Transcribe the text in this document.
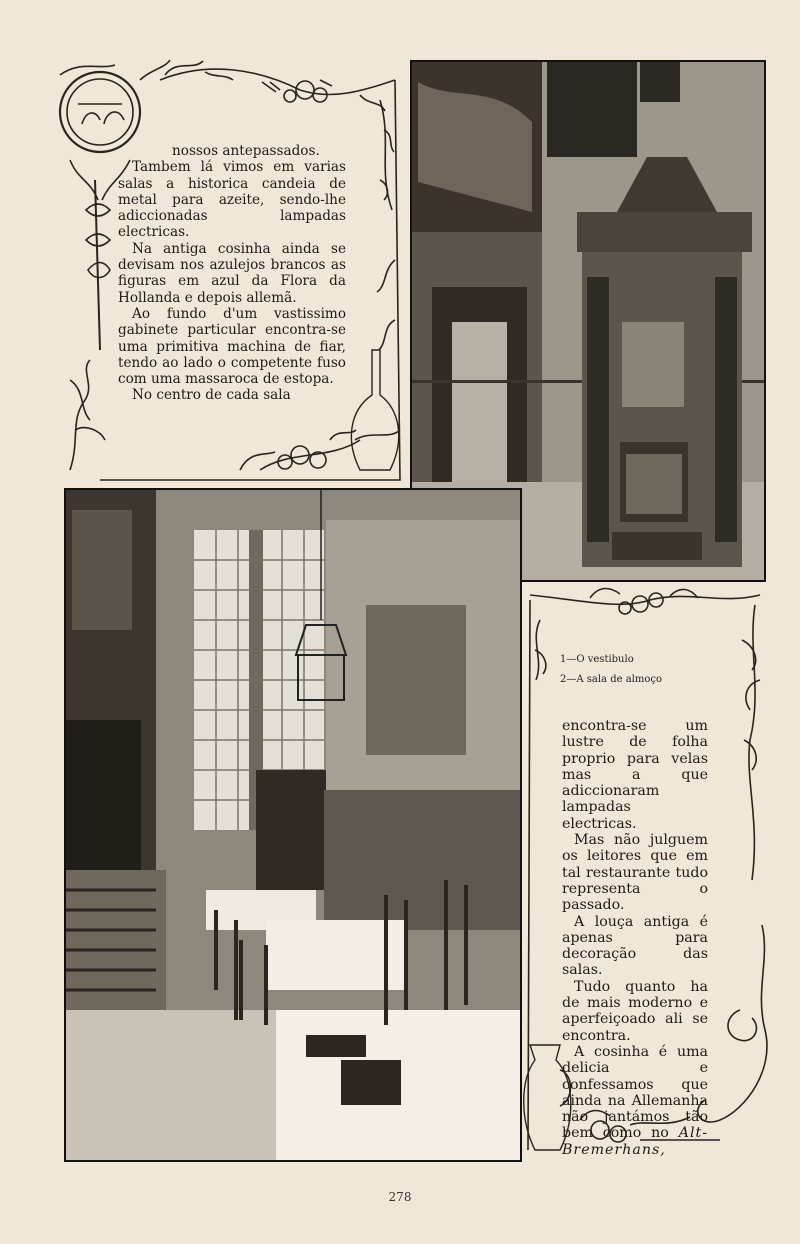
nossos antepassados.

Tambem lá vimos em varias salas a historica candeia de metal para azeite, sendo-lhe adiccionadas lampadas electricas.

Na antiga cosinha ainda se devisam nos azulejos brancos as figuras em azul da Flora da Hollanda e depois allemã.

Ao fundo d'um vastissimo gabinete particular encontra-se uma primitiva machina de fiar, tendo ao lado o competente fuso com uma massaroca de estopa.

No centro de cada sala

1—O vestibulo
2—A sala de almoço

encontra-se um lustre de folha proprio para velas mas a que adiccionaram lampadas electricas.

Mas não julguem os leitores que em tal restaurante tudo representa o passado.

A louça antiga é apenas para decoração das salas.

Tudo quanto ha de mais moderno e aperfeiçoado ali se encontra.

A cosinha é uma delicia e confessamos que ainda na Allemanha não jantámos tão bem como no Alt-Bremerhans,

278
